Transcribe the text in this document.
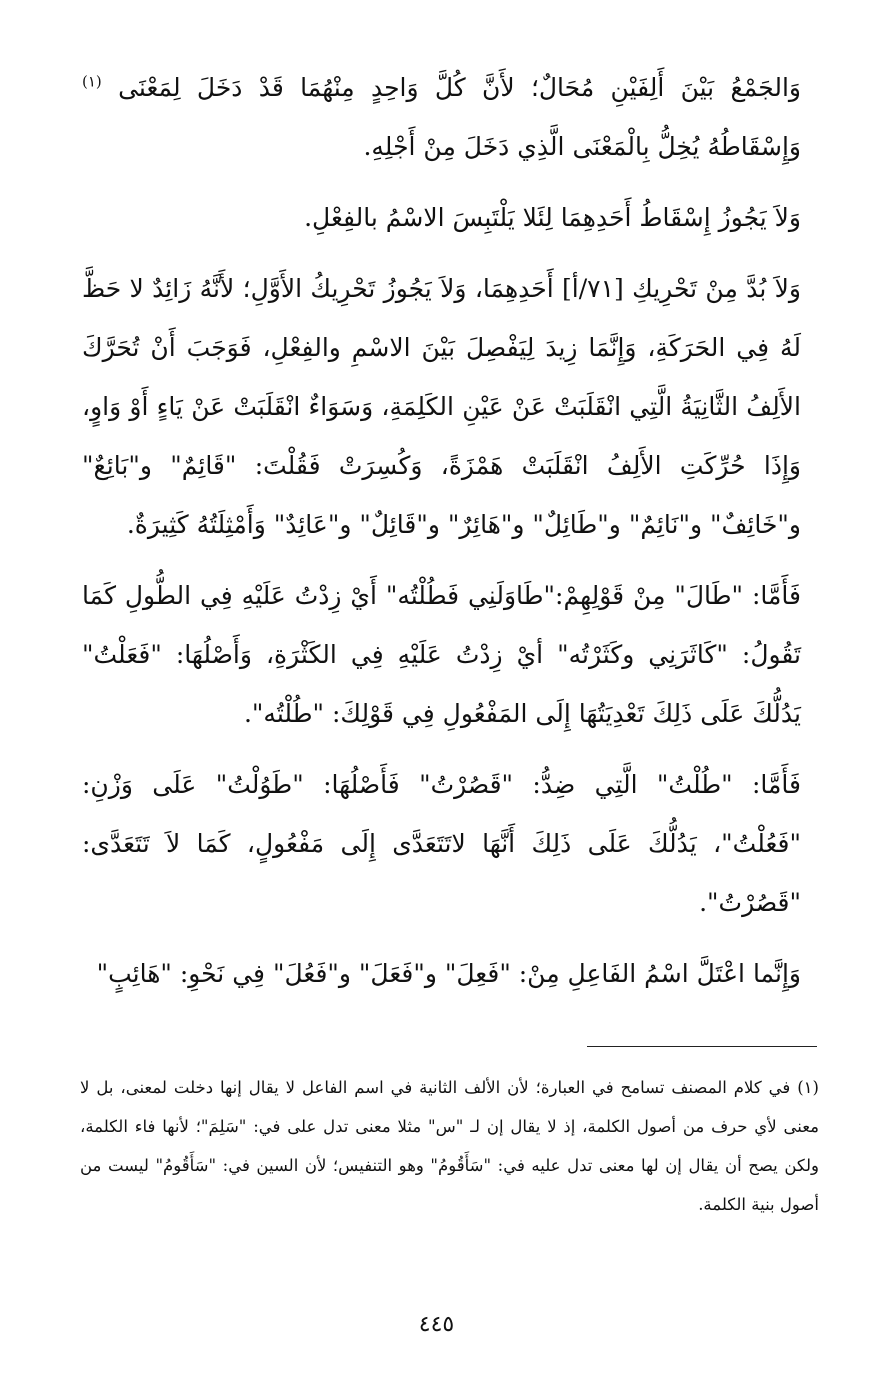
وَالجَمْعُ بَيْنَ أَلِفَيْنِ مُحَالٌ؛ لأَنَّ كُلَّ وَاحِدٍ مِنْهُمَا قَدْ دَخَلَ لِمَعْنَى $^{(١)}$ وَإِسْقَاطُهُ يُخِلُّ بِالْمَعْنَى الَّذِي دَخَلَ مِنْ أَجْلِهِ.

وَلاَ يَجُوزُ إِسْقَاطُ أَحَدِهِمَا لِئَلا يَلْتَبِسَ الاسْمُ بالفِعْلِ.

وَلاَ بُدَّ مِنْ تَحْرِيكِ [٧١/أ] أَحَدِهِمَا، وَلاَ يَجُوزُ تَحْرِيكُ الأَوَّلِ؛ لأَنَّهُ زَائِدٌ لا حَظَّ لَهُ فِي الحَرَكَةِ، وَإِنَّمَا زِيدَ لِيَفْصِلَ بَيْنَ الاسْمِ والفِعْلِ، فَوَجَبَ أَنْ تُحَرَّكَ الأَلِفُ الثَّانِيَةُ الَّتِي انْقَلَبَتْ عَنْ عَيْنِ الكَلِمَةِ، وَسَوَاءٌ انْقَلَبَتْ عَنْ يَاءٍ أَوْ وَاوٍ، وَإِذَا حُرِّكَتِ الأَلِفُ انْقَلَبَتْ هَمْزَةً، وَكُسِرَتْ فَقُلْتَ: "قَائِمٌ" و"بَائِعٌ" و"خَائِفٌ" و"نَائِمٌ" و"طَائِلٌ" و"هَائِرٌ" و"قَائِلٌ" و"عَائِدٌ" وَأَمْثِلَتُهُ كَثِيرَةٌ.

فَأَمَّا: "طَالَ" مِنْ قَوْلِهِمْ:"طَاوَلَنِي فَطُلْتُه" أَيْ زِدْتُ عَلَيْهِ فِي الطُّولِ كَمَا تَقُولُ: "كَاثَرَنِي وكَثَرْتُه" أيْ زِدْتُ عَلَيْهِ فِي الكَثْرَةِ، وَأَصْلُهَا: "فَعَلْتُ" يَدُلُّكَ عَلَى ذَلِكَ تَعْدِيَتُهَا إِلَى المَفْعُولِ فِي قَوْلِكَ: "طُلْتُه".

فَأَمَّا: "طُلْتُ" الَّتِي ضِدُّ: "قَصُرْتُ" فَأَصْلُهَا: "طَوُلْتُ" عَلَى وَزْنِ: "فَعُلْتُ"، يَدُلُّكَ عَلَى ذَلِكَ أَنَّهَا لاتَتَعَدَّى إِلَى مَفْعُولٍ، كَمَا لاَ تَتَعَدَّى: "قَصُرْتُ".

وَإِنَّما اعْتَلَّ اسْمُ الفَاعِلِ مِنْ: "فَعِلَ" و"فَعَلَ" و"فَعُلَ" فِي نَحْوِ: "هَائِبٍ"

(١) في كلام المصنف تسامح في العبارة؛ لأن الألف الثانية في اسم الفاعل لا يقال إنها دخلت لمعنى، بل لا معنى لأي حرف من أصول الكلمة، إذ لا يقال إن لـ "س" مثلا معنى تدل على في: "سَلِمَ"؛ لأنها فاء الكلمة، ولكن يصح أن يقال إن لها معنى تدل عليه في: "سَأَقُومُ" وهو التنفيس؛ لأن السين في: "سَأَقُومُ" ليست من أصول بنية الكلمة.
٤٤٥
